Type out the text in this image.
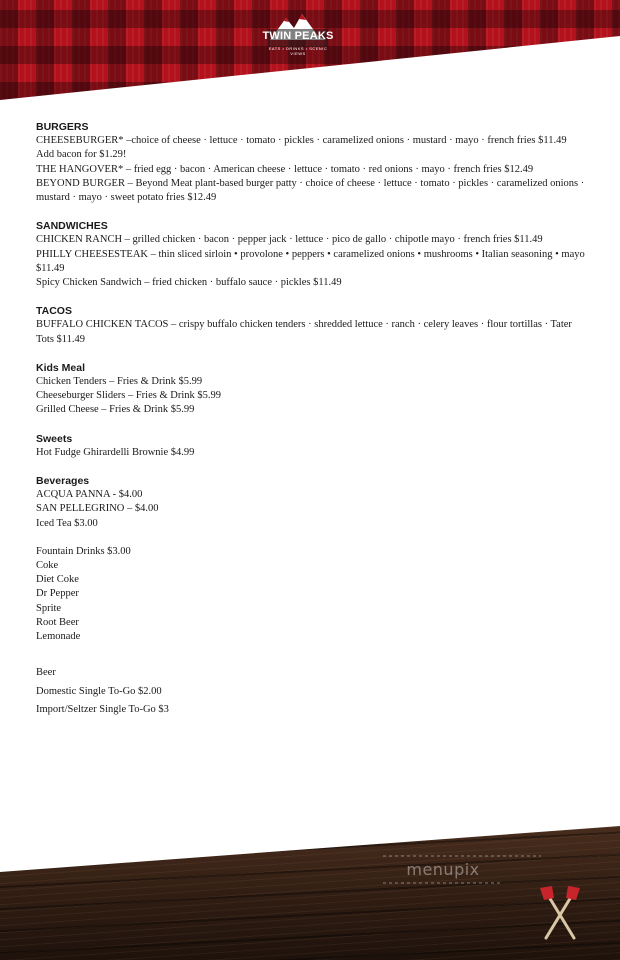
TWIN PEAKS
EATS • DRINKS • SCENIC VIEWS
BURGERS
CHEESEBURGER* –choice of cheese · lettuce · tomato · pickles · caramelized onions · mustard · mayo · french fries $11.49
Add bacon for $1.29!
THE HANGOVER* – fried egg · bacon · American cheese · lettuce · tomato · red onions · mayo · french fries $12.49
BEYOND BURGER – Beyond Meat plant-based burger patty · choice of cheese · lettuce · tomato · pickles · caramelized onions · mustard · mayo · sweet potato fries $12.49
SANDWICHES
CHICKEN RANCH – grilled chicken · bacon · pepper jack · lettuce · pico de gallo · chipotle mayo · french fries $11.49
PHILLY CHEESESTEAK – thin sliced sirloin • provolone • peppers • caramelized onions • mushrooms • Italian seasoning • mayo $11.49
Spicy Chicken Sandwich – fried chicken · buffalo sauce · pickles $11.49
TACOS
BUFFALO CHICKEN TACOS – crispy buffalo chicken tenders · shredded lettuce · ranch · celery leaves · flour tortillas · Tater Tots $11.49
Kids Meal
Chicken Tenders – Fries & Drink $5.99
Cheeseburger Sliders – Fries & Drink $5.99
Grilled Cheese – Fries & Drink $5.99
Sweets
Hot Fudge Ghirardelli Brownie $4.99
Beverages
ACQUA PANNA - $4.00
SAN PELLEGRINO – $4.00
Iced Tea $3.00
Fountain Drinks $3.00
Coke
Diet Coke
Dr Pepper
Sprite
Root Beer
Lemonade
Beer
Domestic Single To-Go $2.00
Import/Seltzer Single To-Go $3
menupix
